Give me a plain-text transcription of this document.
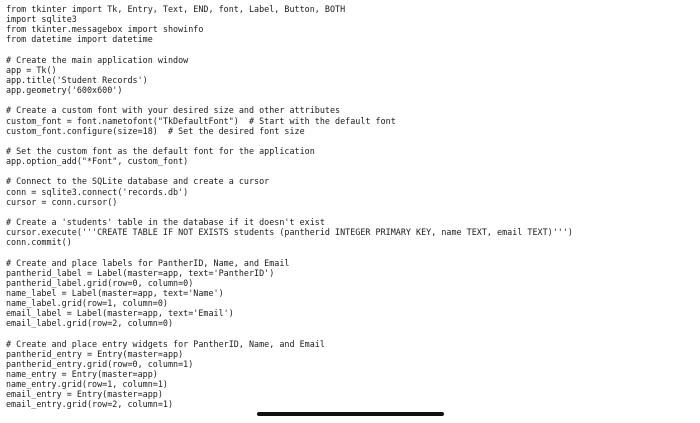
from tkinter import Tk, Entry, Text, END, font, Label, Button, BOTH
import sqlite3
from tkinter.messagebox import showinfo
from datetime import datetime
# Create the main application window
app = Tk()
app.title('Student Records')
app.geometry('600x600')
# Create a custom font with your desired size and other attributes
custom_font = font.nametofont("TkDefaultFont")  # Start with the default font
custom_font.configure(size=18)  # Set the desired font size
# Set the custom font as the default font for the application
app.option_add("*Font", custom_font)
# Connect to the SQLite database and create a cursor
conn = sqlite3.connect('records.db')
cursor = conn.cursor()
# Create a 'students' table in the database if it doesn't exist
cursor.execute('''CREATE TABLE IF NOT EXISTS students (pantherid INTEGER PRIMARY KEY, name TEXT, email TEXT)''')
conn.commit()
# Create and place labels for PantherID, Name, and Email
pantherid_label = Label(master=app, text='PantherID')
pantherid_label.grid(row=0, column=0)
name_label = Label(master=app, text='Name')
name_label.grid(row=1, column=0)
email_label = Label(master=app, text='Email')
email_label.grid(row=2, column=0)
# Create and place entry widgets for PantherID, Name, and Email
pantherid_entry = Entry(master=app)
pantherid_entry.grid(row=0, column=1)
name_entry = Entry(master=app)
name_entry.grid(row=1, column=1)
email_entry = Entry(master=app)
email_entry.grid(row=2, column=1)
